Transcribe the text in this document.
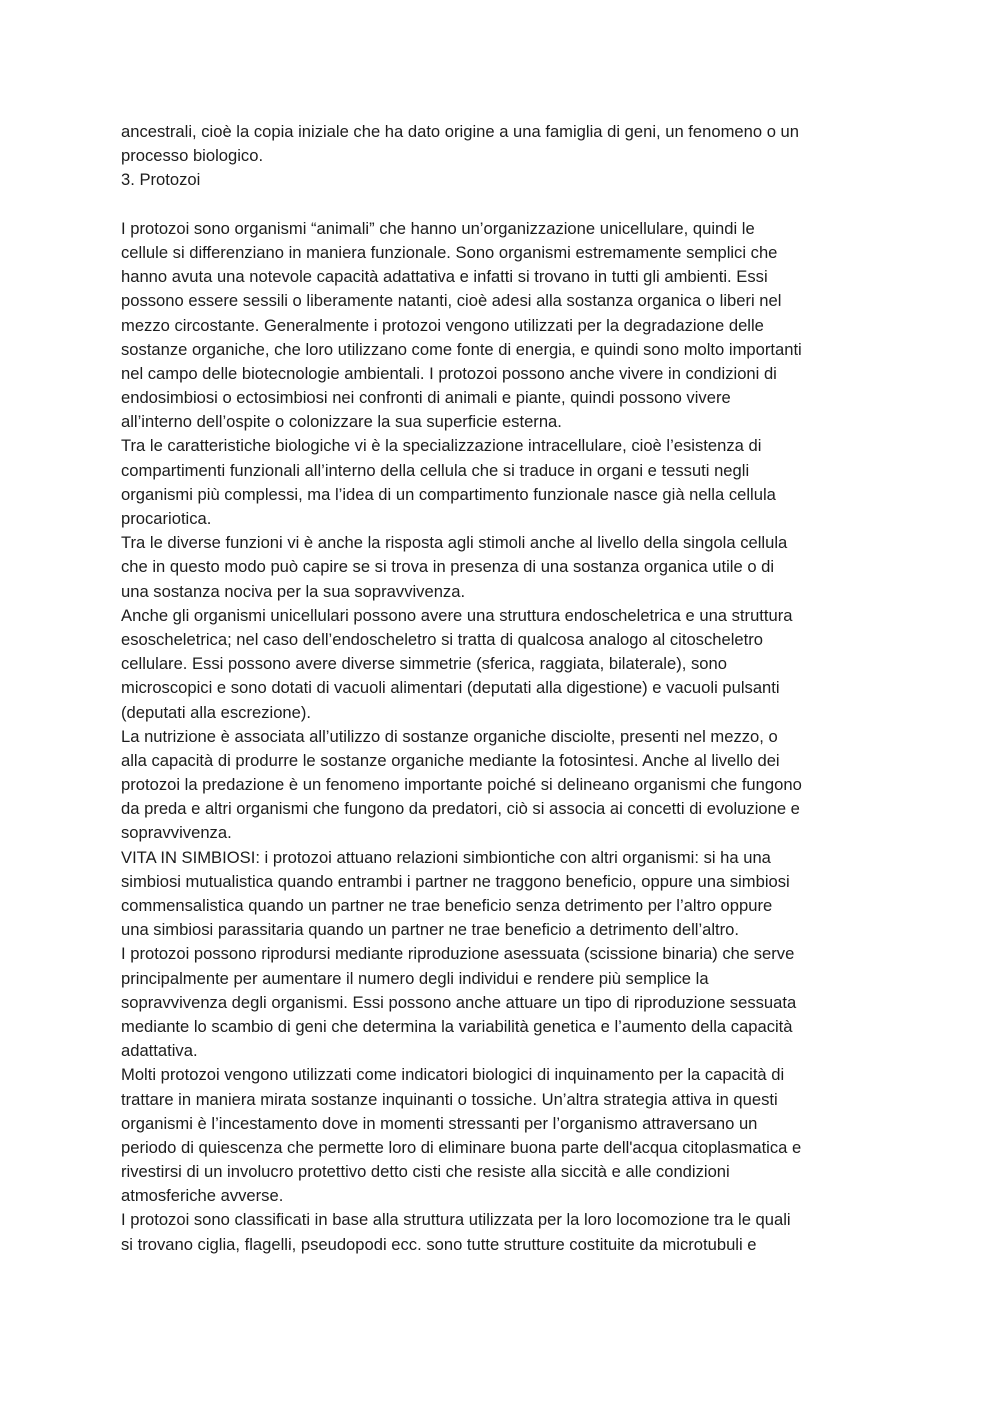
ancestrali, cioè la copia iniziale che ha dato origine a una famiglia di geni, un fenomeno o un
processo biologico.
3. Protozoi
I protozoi sono organismi “animali” che hanno un’organizzazione unicellulare, quindi le
cellule si differenziano in maniera funzionale. Sono organismi estremamente semplici che
hanno avuta una notevole capacità adattativa e infatti si trovano in tutti gli ambienti. Essi
possono essere sessili o liberamente natanti, cioè adesi alla sostanza organica o liberi nel
mezzo circostante. Generalmente i protozoi vengono utilizzati per la degradazione delle
sostanze organiche, che loro utilizzano come fonte di energia, e quindi sono molto importanti
nel campo delle biotecnologie ambientali. I protozoi possono anche vivere in condizioni di
endosimbiosi o ectosimbiosi nei confronti di animali e piante, quindi possono vivere
all’interno dell’ospite o colonizzare la sua superficie esterna.
Tra le caratteristiche biologiche vi è la specializzazione intracellulare, cioè l’esistenza di
compartimenti funzionali all’interno della cellula che si traduce in organi e tessuti negli
organismi più complessi, ma l’idea di un compartimento funzionale nasce già nella cellula
procariotica.
Tra le diverse funzioni vi è anche la risposta agli stimoli anche al livello della singola cellula
che in questo modo può capire se si trova in presenza di una sostanza organica utile o di
una sostanza nociva per la sua sopravvivenza.
Anche gli organismi unicellulari possono avere una struttura endoscheletrica e una struttura
esoscheletrica; nel caso dell’endoscheletro si tratta di qualcosa analogo al citoscheletro
cellulare. Essi possono avere diverse simmetrie (sferica, raggiata, bilaterale), sono
microscopici e sono dotati di vacuoli alimentari (deputati alla digestione) e vacuoli pulsanti
(deputati alla escrezione).
La nutrizione è associata all’utilizzo di sostanze organiche disciolte, presenti nel mezzo, o
alla capacità di produrre le sostanze organiche mediante la fotosintesi. Anche al livello dei
protozoi la predazione è un fenomeno importante poiché si delineano organismi che fungono
da preda e altri organismi che fungono da predatori, ciò si associa ai concetti di evoluzione e
sopravvivenza.
VITA IN SIMBIOSI: i protozoi attuano relazioni simbiontiche con altri organismi: si ha una
simbiosi mutualistica quando entrambi i partner ne traggono beneficio, oppure una simbiosi
commensalistica quando un partner ne trae beneficio senza detrimento per l’altro oppure
una simbiosi parassitaria quando un partner ne trae beneficio a detrimento dell’altro.
I protozoi possono riprodursi mediante riproduzione asessuata (scissione binaria) che serve
principalmente per aumentare il numero degli individui e rendere più semplice la
sopravvivenza degli organismi. Essi possono anche attuare un tipo di riproduzione sessuata
mediante lo scambio di geni che determina la variabilità genetica e l’aumento della capacità
adattativa.
Molti protozoi vengono utilizzati come indicatori biologici di inquinamento per la capacità di
trattare in maniera mirata sostanze inquinanti o tossiche. Un’altra strategia attiva in questi
organismi è l’incestamento dove in momenti stressanti per l’organismo attraversano un
periodo di quiescenza che permette loro di eliminare buona parte dell'acqua citoplasmatica e
rivestirsi di un involucro protettivo detto cisti che resiste alla siccità e alle condizioni
atmosferiche avverse.
I protozoi sono classificati in base alla struttura utilizzata per la loro locomozione tra le quali
si trovano ciglia, flagelli, pseudopodi ecc. sono tutte strutture costituite da microtubuli e
